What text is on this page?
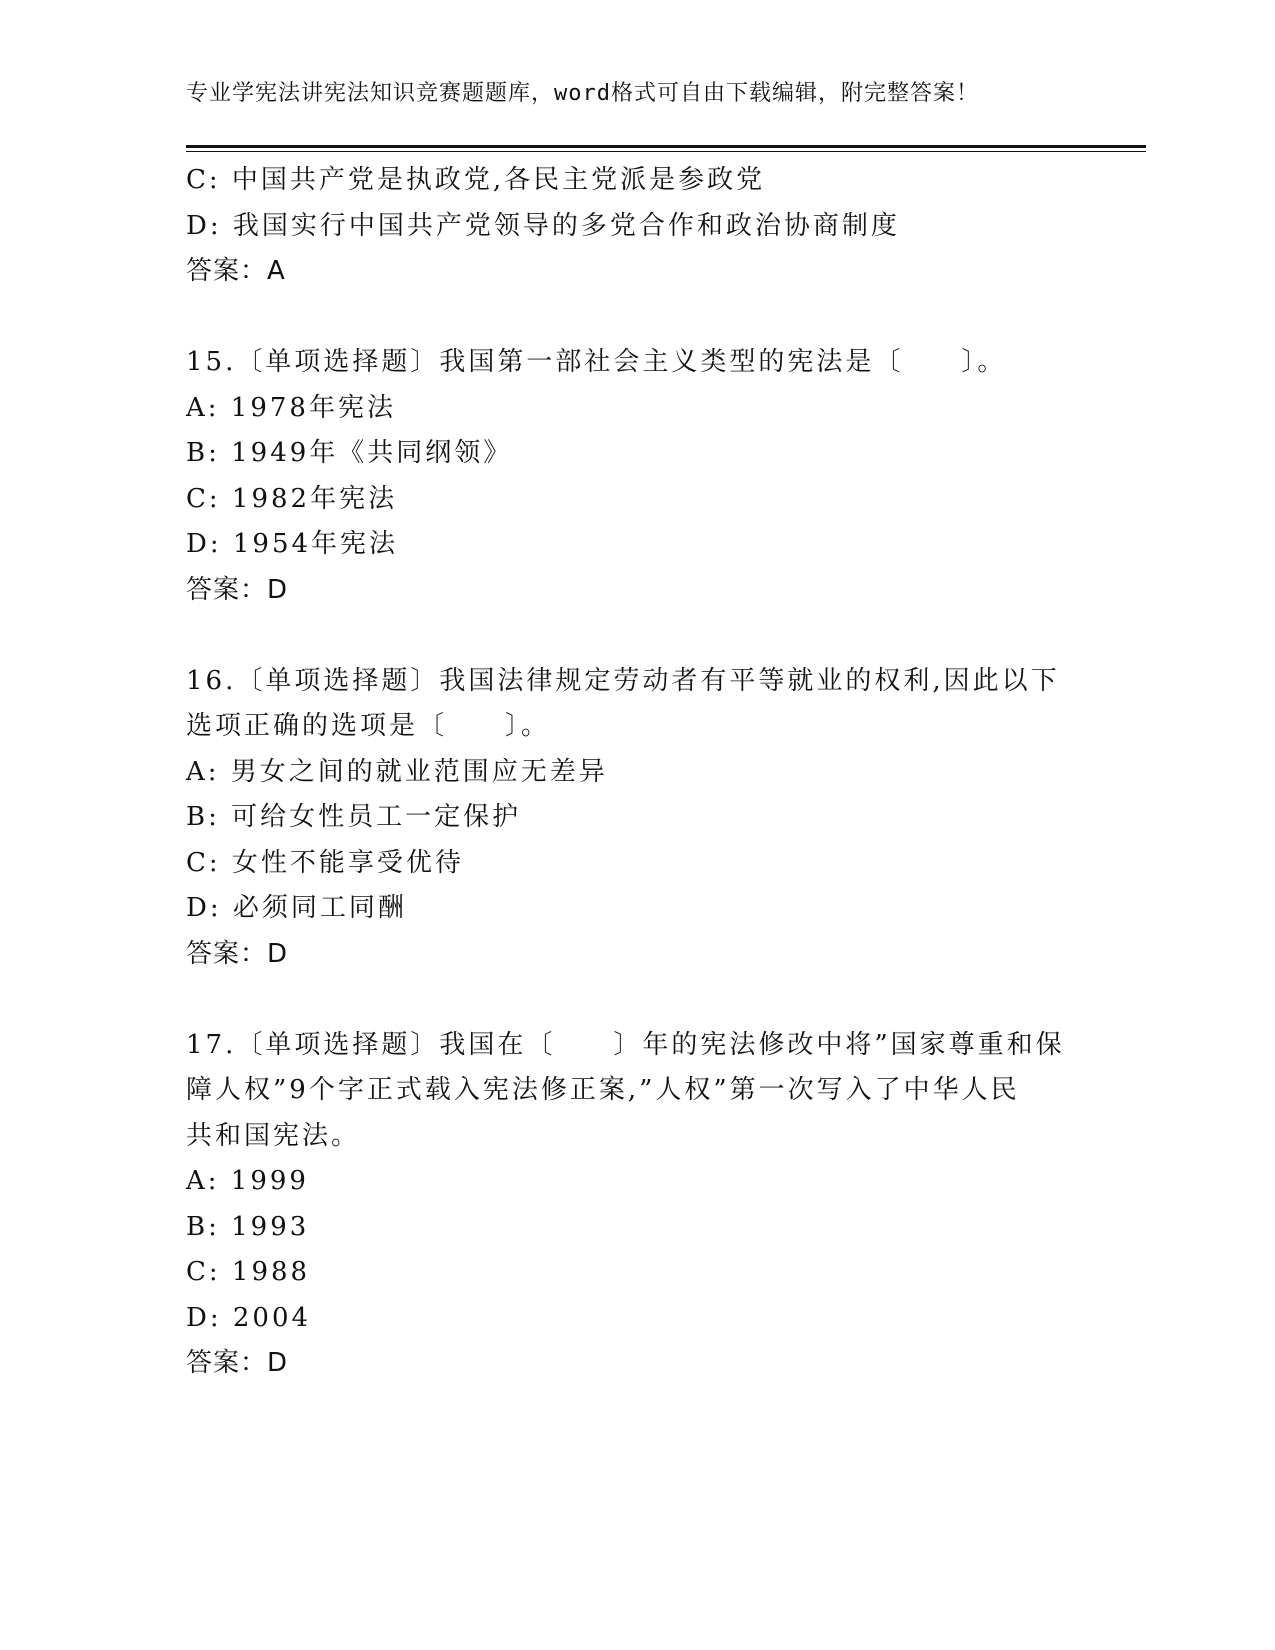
专业学宪法讲宪法知识竞赛题题库，word格式可自由下载编辑，附完整答案！
C: 中国共产党是执政党,各民主党派是参政党
D: 我国实行中国共产党领导的多党合作和政治协商制度
答案：A
15.〔单项选择题〕我国第一部社会主义类型的宪法是〔　　〕。
A: 1978年宪法
B: 1949年《共同纲领》
C: 1982年宪法
D: 1954年宪法
答案：D
16.〔单项选择题〕我国法律规定劳动者有平等就业的权利,因此以下
选项正确的选项是〔　　〕。
A: 男女之间的就业范围应无差异
B: 可给女性员工一定保护
C: 女性不能享受优待
D: 必须同工同酬
答案：D
17.〔单项选择题〕我国在〔　　〕年的宪法修改中将”国家尊重和保
障人权”9个字正式载入宪法修正案,”人权”第一次写入了中华人民
共和国宪法。
A: 1999
B: 1993
C: 1988
D: 2004
答案：D
